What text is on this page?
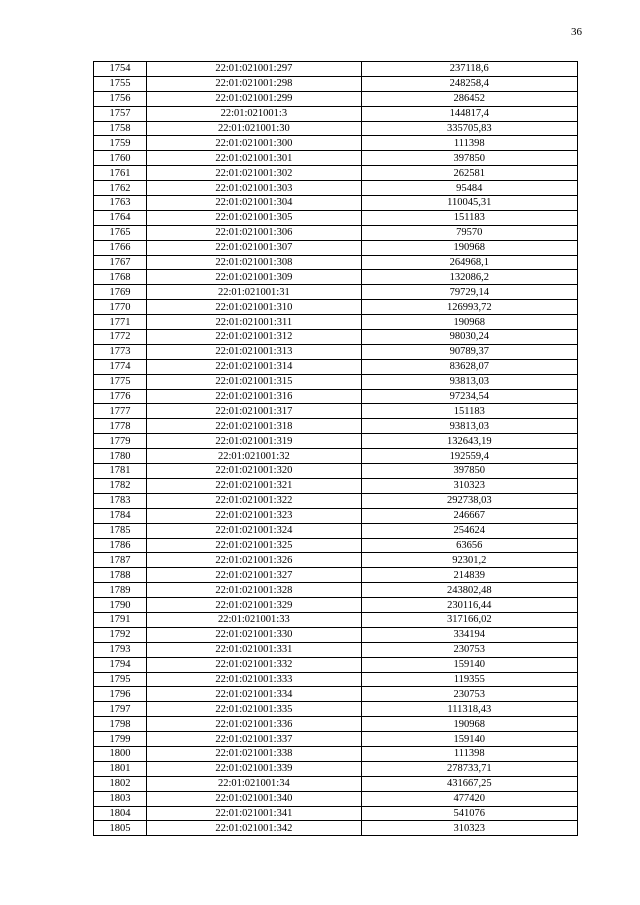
36
1754	22:01:021001:297	237118,6
1755	22:01:021001:298	248258,4
1756	22:01:021001:299	286452
1757	22:01:021001:3	144817,4
1758	22:01:021001:30	335705,83
1759	22:01:021001:300	111398
1760	22:01:021001:301	397850
1761	22:01:021001:302	262581
1762	22:01:021001:303	95484
1763	22:01:021001:304	110045,31
1764	22:01:021001:305	151183
1765	22:01:021001:306	79570
1766	22:01:021001:307	190968
1767	22:01:021001:308	264968,1
1768	22:01:021001:309	132086,2
1769	22:01:021001:31	79729,14
1770	22:01:021001:310	126993,72
1771	22:01:021001:311	190968
1772	22:01:021001:312	98030,24
1773	22:01:021001:313	90789,37
1774	22:01:021001:314	83628,07
1775	22:01:021001:315	93813,03
1776	22:01:021001:316	97234,54
1777	22:01:021001:317	151183
1778	22:01:021001:318	93813,03
1779	22:01:021001:319	132643,19
1780	22:01:021001:32	192559,4
1781	22:01:021001:320	397850
1782	22:01:021001:321	310323
1783	22:01:021001:322	292738,03
1784	22:01:021001:323	246667
1785	22:01:021001:324	254624
1786	22:01:021001:325	63656
1787	22:01:021001:326	92301,2
1788	22:01:021001:327	214839
1789	22:01:021001:328	243802,48
1790	22:01:021001:329	230116,44
1791	22:01:021001:33	317166,02
1792	22:01:021001:330	334194
1793	22:01:021001:331	230753
1794	22:01:021001:332	159140
1795	22:01:021001:333	119355
1796	22:01:021001:334	230753
1797	22:01:021001:335	111318,43
1798	22:01:021001:336	190968
1799	22:01:021001:337	159140
1800	22:01:021001:338	111398
1801	22:01:021001:339	278733,71
1802	22:01:021001:34	431667,25
1803	22:01:021001:340	477420
1804	22:01:021001:341	541076
1805	22:01:021001:342	310323
